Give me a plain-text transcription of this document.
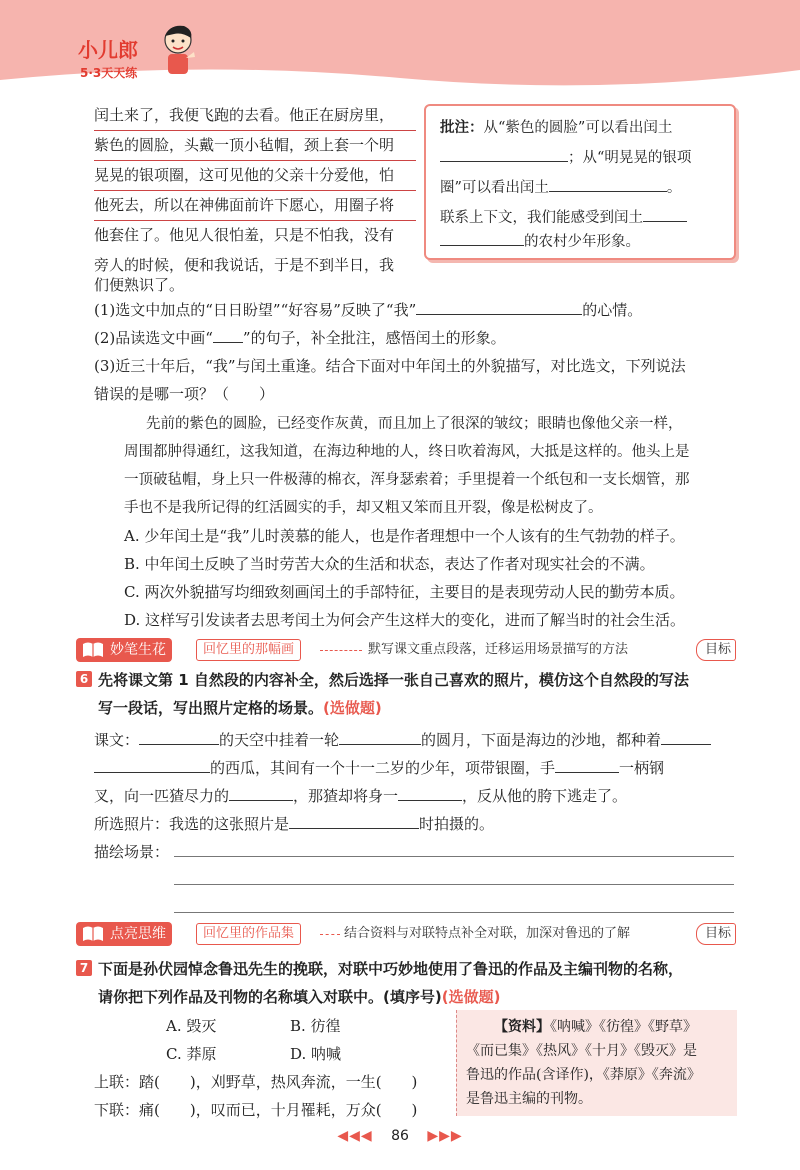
小儿郎
5·3天天练
闰土来了，我便飞跑的去看。他正在厨房里，
紫色的圆脸，头戴一顶小毡帽，颈上套一个明
晃晃的银项圈，这可见他的父亲十分爱他，怕
他死去，所以在神佛面前许下愿心，用圈子将
他套住了。他见人很怕羞，只是不怕我，没有
旁人的时候，便和我说话，于是不到半日，我
们便熟识了。
批注：从“紫色的圆脸”可以看出闰土
；从“明晃晃的银项
圈”可以看出闰土	。
联系上下文，我们能感受到闰土
的农村少年形象。
(1)选文中加点的“日日盼望”“好容易”反映了“我”	的心情。
(2)品读选文中画“ ”的句子，补全批注，感悟闰土的形象。
(3)近三十年后，“我”与闰土重逢。结合下面对中年闰土的外貌描写，对比选文，下列说法
错误的是哪一项？（　　）
先前的紫色的圆脸，已经变作灰黄，而且加上了很深的皱纹；眼睛也像他父亲一样，
周围都肿得通红，这我知道，在海边种地的人，终日吹着海风，大抵是这样的。他头上是
一顶破毡帽，身上只一件极薄的棉衣，浑身瑟索着；手里提着一个纸包和一支长烟管，那
手也不是我所记得的红活圆实的手，却又粗又笨而且开裂，像是松树皮了。
A. 少年闰土是“我”儿时羡慕的能人，也是作者理想中一个人该有的生气勃勃的样子。
B. 中年闰土反映了当时劳苦大众的生活和状态，表达了作者对现实社会的不满。
C. 两次外貌描写均细致刻画闰土的手部特征，主要目的是表现劳动人民的勤劳本质。
D. 这样写引发读者去思考闰土为何会产生这样大的变化，进而了解当时的社会生活。
妙笔生花	回忆里的那幅画	默写课文重点段落，迁移运用场景描写的方法	目标
6 先将课文第 1 自然段的内容补全，然后选择一张自己喜欢的照片，模仿这个自然段的写法
写一段话，写出照片定格的场景。(选做题)
课文：	的天空中挂着一轮	的圆月，下面是海边的沙地，都种着
的西瓜，其间有一个十一二岁的少年，项带银圈，手	一柄钢
叉，向一匹猹尽力的	，那猹却将身一	，反从他的胯下逃走了。
所选照片：我选的这张照片是	时拍摄的。
描绘场景：
点亮思维	回忆里的作品集	结合资料与对联特点补全对联，加深对鲁迅的了解	目标
7 下面是孙伏园悼念鲁迅先生的挽联，对联中巧妙地使用了鲁迅的作品及主编刊物的名称，
请你把下列作品及刊物的名称填入对联中。(填序号)(选做题)
A. 毁灭	B. 彷徨
C. 莽原	D. 呐喊
上联：踏(　　)，刈野草，热风奔流，一生(　　)
下联：痛(　　)，叹而已，十月罹耗，万众(　　)
【资料】《呐喊》《彷徨》《野草》
《而已集》《热风》《十月》《毁灭》是
鲁迅的作品(含译作)，《莽原》《奔流》
是鲁迅主编的刊物。
◀◀◀ 86 ▶▶▶
